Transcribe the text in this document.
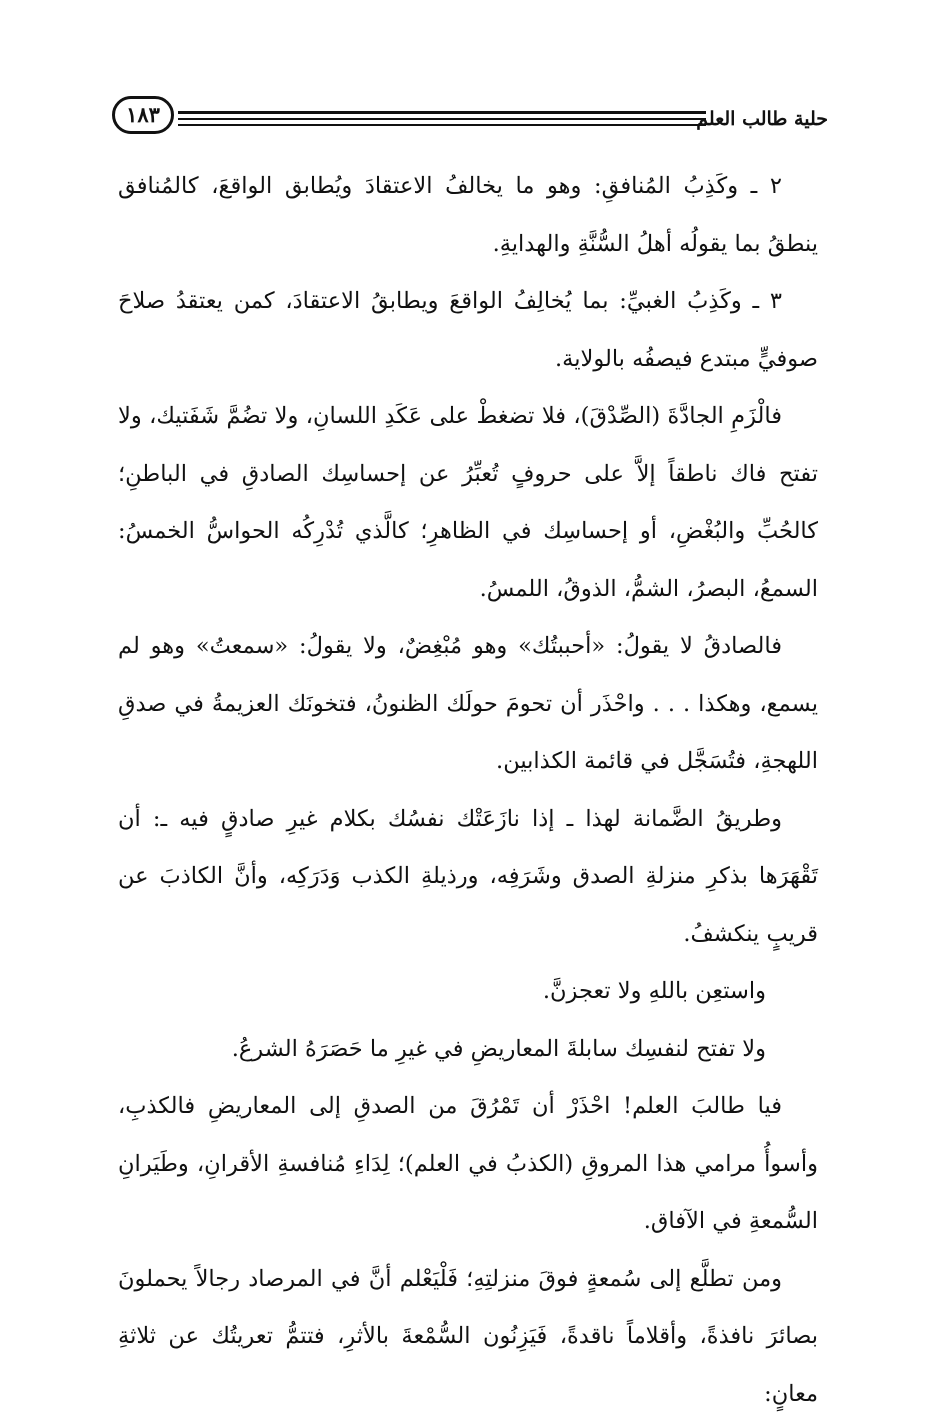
حلية طالب العلم
١٨٣

٢ ـ وكَذِبُ المُنافقِ: وهو ما يخالفُ الاعتقادَ ويُطابق الواقعَ، كالمُنافق ينطقُ بما يقولُه أهلُ السُّنَّةِ والهدايةِ.

٣ ـ وكَذِبُ الغبيِّ: بما يُخالِفُ الواقعَ ويطابقُ الاعتقادَ، كمن يعتقدُ صلاحَ صوفيٍّ مبتدع فيصفُه بالولاية.

فالْزَمِ الجادَّةَ (الصِّدْقَ)، فلا تضغطْ على عَكَدِ اللسانِ، ولا تضُمَّ شَفَتيك، ولا تفتح فاك ناطقاً إلاَّ على حروفٍ تُعبِّرُ عن إحساسِك الصادقِ في الباطنِ؛ كالحُبِّ والبُغْضِ، أو إحساسِك في الظاهرِ؛ كالَّذي تُدْرِكُه الحواسُّ الخمسُ: السمعُ، البصرُ، الشمُّ، الذوقُ، اللمسُ.

فالصادقُ لا يقولُ: «أحببتُك» وهو مُبْغِضٌ، ولا يقولُ: «سمعتُ» وهو لم يسمع، وهكذا . . . واحْذَر أن تحومَ حولَك الظنونُ، فتخونَك العزيمةُ في صدقِ اللهجةِ، فتُسَجَّل في قائمة الكذابين.

وطريقُ الضَّمانة لهذا ـ إذا نازَعَتْك نفسُك بكلام غيرِ صادقٍ فيه ـ: أن تَقْهَرَها بذكرِ منزلةِ الصدق وشَرَفِه، ورذيلةِ الكذب وَدَرَكِه، وأنَّ الكاذبَ عن قريبٍ ينكشفُ.

واستعِن باللهِ ولا تعجزنَّ.

ولا تفتح لنفسِك سابلةَ المعاريضِ في غيرِ ما حَصَرَهُ الشرعُ.

فيا طالبَ العلم! احْذَرْ أن تَمْرُقَ من الصدقِ إلى المعاريضِ فالكذبِ، وأسوأُ مرامي هذا المروقِ (الكذبُ في العلم)؛ لِدَاءِ مُنافسةِ الأقرانِ، وطَيَرانِ السُّمعةِ في الآفاق.

ومن تطلَّع إلى سُمعةٍ فوقَ منزلتِهِ؛ فَلْيَعْلم أنَّ في المرصاد رجالاً يحملونَ بصائرَ نافذةً، وأقلاماً ناقدةً، فَيَزِنُون السُّمْعةَ بالأثرِ، فتتمُّ تعريتُك عن ثلاثةِ معانٍ:
